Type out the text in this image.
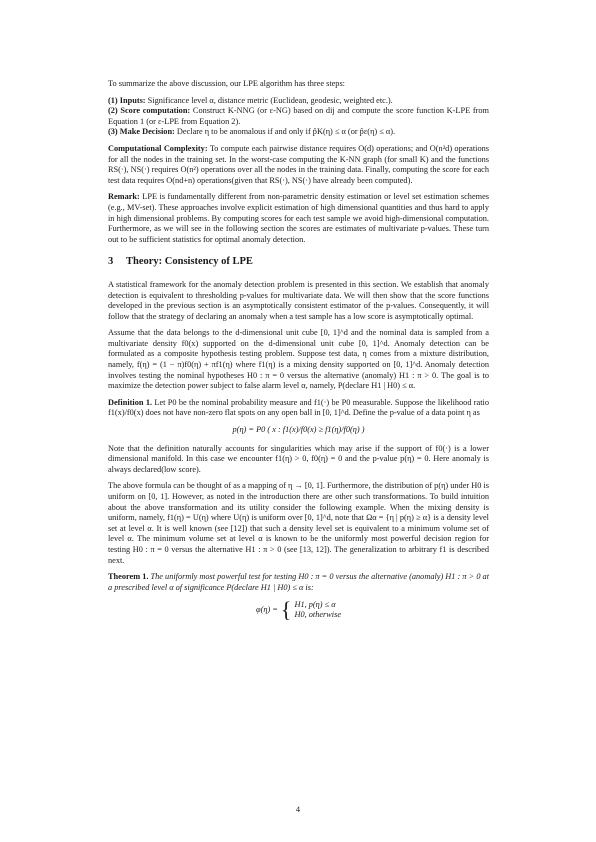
To summarize the above discussion, our LPE algorithm has three steps:

(1) Inputs: Significance level α, distance metric (Euclidean, geodesic, weighted etc.).

(2) Score computation: Construct K-NNG (or ε-NG) based on dij and compute the score function K-LPE from Equation 1 (or ε-LPE from Equation 2).

(3) Make Decision: Declare η to be anomalous if and only if p̂K(η) ≤ α (or p̂ε(η) ≤ α).

Computational Complexity: To compute each pairwise distance requires O(d) operations; and O(n²d) operations for all the nodes in the training set. In the worst-case computing the K-NN graph (for small K) and the functions RS(·), NS(·) requires O(n²) operations over all the nodes in the training data. Finally, computing the score for each test data requires O(nd+n) operations(given that RS(·), NS(·) have already been computed).

Remark: LPE is fundamentally different from non-parametric density estimation or level set estimation schemes (e.g., MV-set). These approaches involve explicit estimation of high dimensional quantities and thus hard to apply in high dimensional problems. By computing scores for each test sample we avoid high-dimensional computation. Furthermore, as we will see in the following section the scores are estimates of multivariate p-values. These turn out to be sufficient statistics for optimal anomaly detection.

3 Theory: Consistency of LPE

A statistical framework for the anomaly detection problem is presented in this section. We establish that anomaly detection is equivalent to thresholding p-values for multivariate data. We will then show that the score functions developed in the previous section is an asymptotically consistent estimator of the p-values. Consequently, it will follow that the strategy of declaring an anomaly when a test sample has a low score is asymptotically optimal.

Assume that the data belongs to the d-dimensional unit cube [0, 1]^d and the nominal data is sampled from a multivariate density f0(x) supported on the d-dimensional unit cube [0, 1]^d. Anomaly detection can be formulated as a composite hypothesis testing problem. Suppose test data, η comes from a mixture distribution, namely, f(η) = (1 − π)f0(η) + πf1(η) where f1(η) is a mixing density supported on [0, 1]^d. Anomaly detection involves testing the nominal hypotheses H0 : π = 0 versus the alternative (anomaly) H1 : π > 0. The goal is to maximize the detection power subject to false alarm level α, namely, P(declare H1 | H0) ≤ α.

Definition 1. Let P0 be the nominal probability measure and f1(·) be P0 measurable. Suppose the likelihood ratio f1(x)/f0(x) does not have non-zero flat spots on any open ball in [0, 1]^d. Define the p-value of a data point η as

p(η) = P0 ( x : f1(x)/f0(x) ≥ f1(η)/f0(η) )

Note that the definition naturally accounts for singularities which may arise if the support of f0(·) is a lower dimensional manifold. In this case we encounter f1(η) > 0, f0(η) = 0 and the p-value p(η) = 0. Here anomaly is always declared(low score).

The above formula can be thought of as a mapping of η → [0, 1]. Furthermore, the distribution of p(η) under H0 is uniform on [0, 1]. However, as noted in the introduction there are other such transformations. To build intuition about the above transformation and its utility consider the following example. When the mixing density is uniform, namely, f1(η) = U(η) where U(η) is uniform over [0, 1]^d, note that Ωα = {η | p(η) ≥ α} is a density level set at level α. It is well known (see [12]) that such a density level set is equivalent to a minimum volume set of level α. The minimum volume set at level α is known to be the uniformly most powerful decision region for testing H0 : π = 0 versus the alternative H1 : π > 0 (see [13, 12]). The generalization to arbitrary f1 is described next.

Theorem 1. The uniformly most powerful test for testing H0 : π = 0 versus the alternative (anomaly) H1 : π > 0 at a prescribed level α of significance P(declare H1 | H0) ≤ α is:

φ(η) = { H1, p(η) ≤ α
H0, otherwise
4
